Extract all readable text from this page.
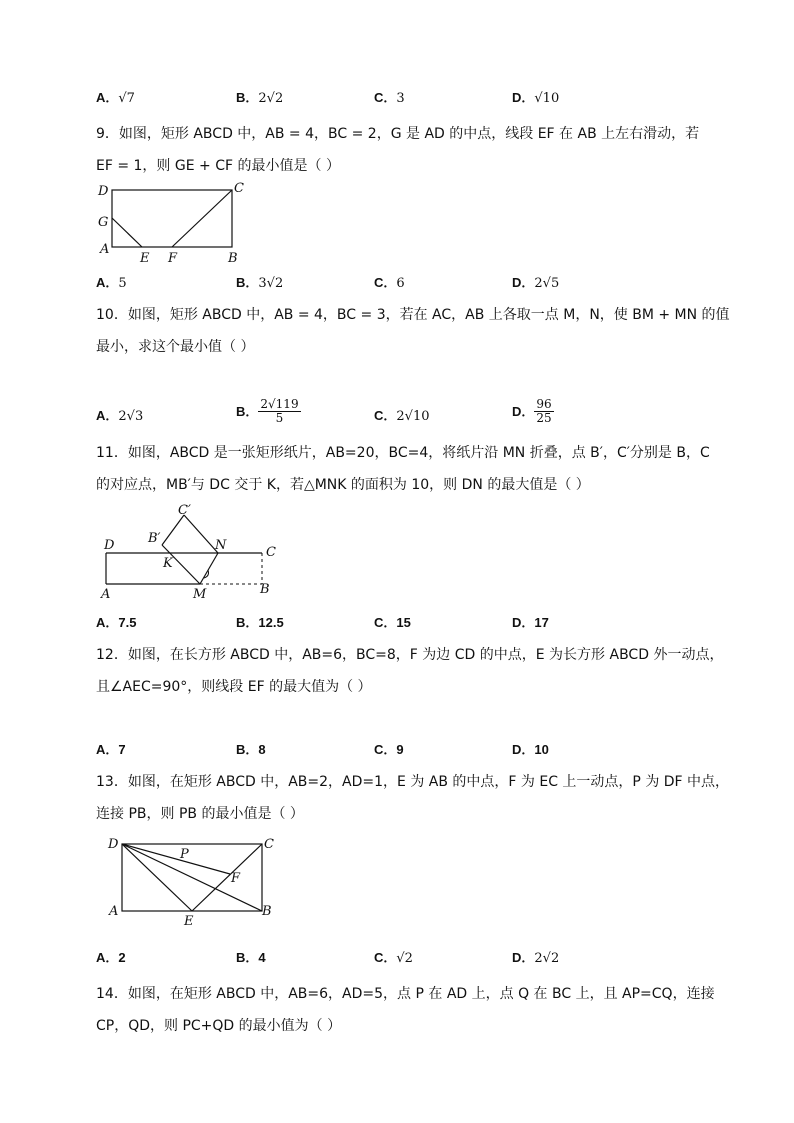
A．√7	B．2√2	C．3	D．√10
9．如图，矩形 ABCD 中，AB = 4，BC = 2，G 是 AD 的中点，线段 EF 在 AB 上左右滑动，若
EF = 1，则 GE + CF 的最小值是（ ）
D	C
G
A
E F	B
A．5	B．3√2	C．6	D．2√5
10．如图，矩形 ABCD 中，AB = 4，BC = 3，若在 AC，AB 上各取一点 M，N，使 BM + MN 的值
最小，求这个最小值（ ）
A．2√3	B． $\frac{2√119}{5}$	C．2√10	D． $\frac{96}{25}$
11．如图，ABCD 是一张矩形纸片，AB=20，BC=4，将纸片沿 MN 折叠，点 B′，C′分别是 B，C
的对应点，MB′与 DC 交于 K，若△MNK 的面积为 10，则 DN 的最大值是（ ）
C′
B′
D	N	C
K
A	M	B
A．7.5	B．12.5	C．15	D．17
12．如图，在长方形 ABCD 中，AB=6，BC=8，F 为边 CD 的中点，E 为长方形 ABCD 外一动点，
且∠AEC=90°，则线段 EF 的最大值为（ ）
A．7	B．8	C．9	D．10
13．如图，在矩形 ABCD 中，AB=2，AD=1，E 为 AB 的中点，F 为 EC 上一动点，P 为 DF 中点，
连接 PB，则 PB 的最小值是（ ）
D	C
P
F
A
E
B
A．2	B．4	C．√2	D．2√2
14．如图，在矩形 ABCD 中，AB=6，AD=5，点 P 在 AD 上，点 Q 在 BC 上，且 AP=CQ，连接
CP，QD，则 PC+QD 的最小值为（ ）
